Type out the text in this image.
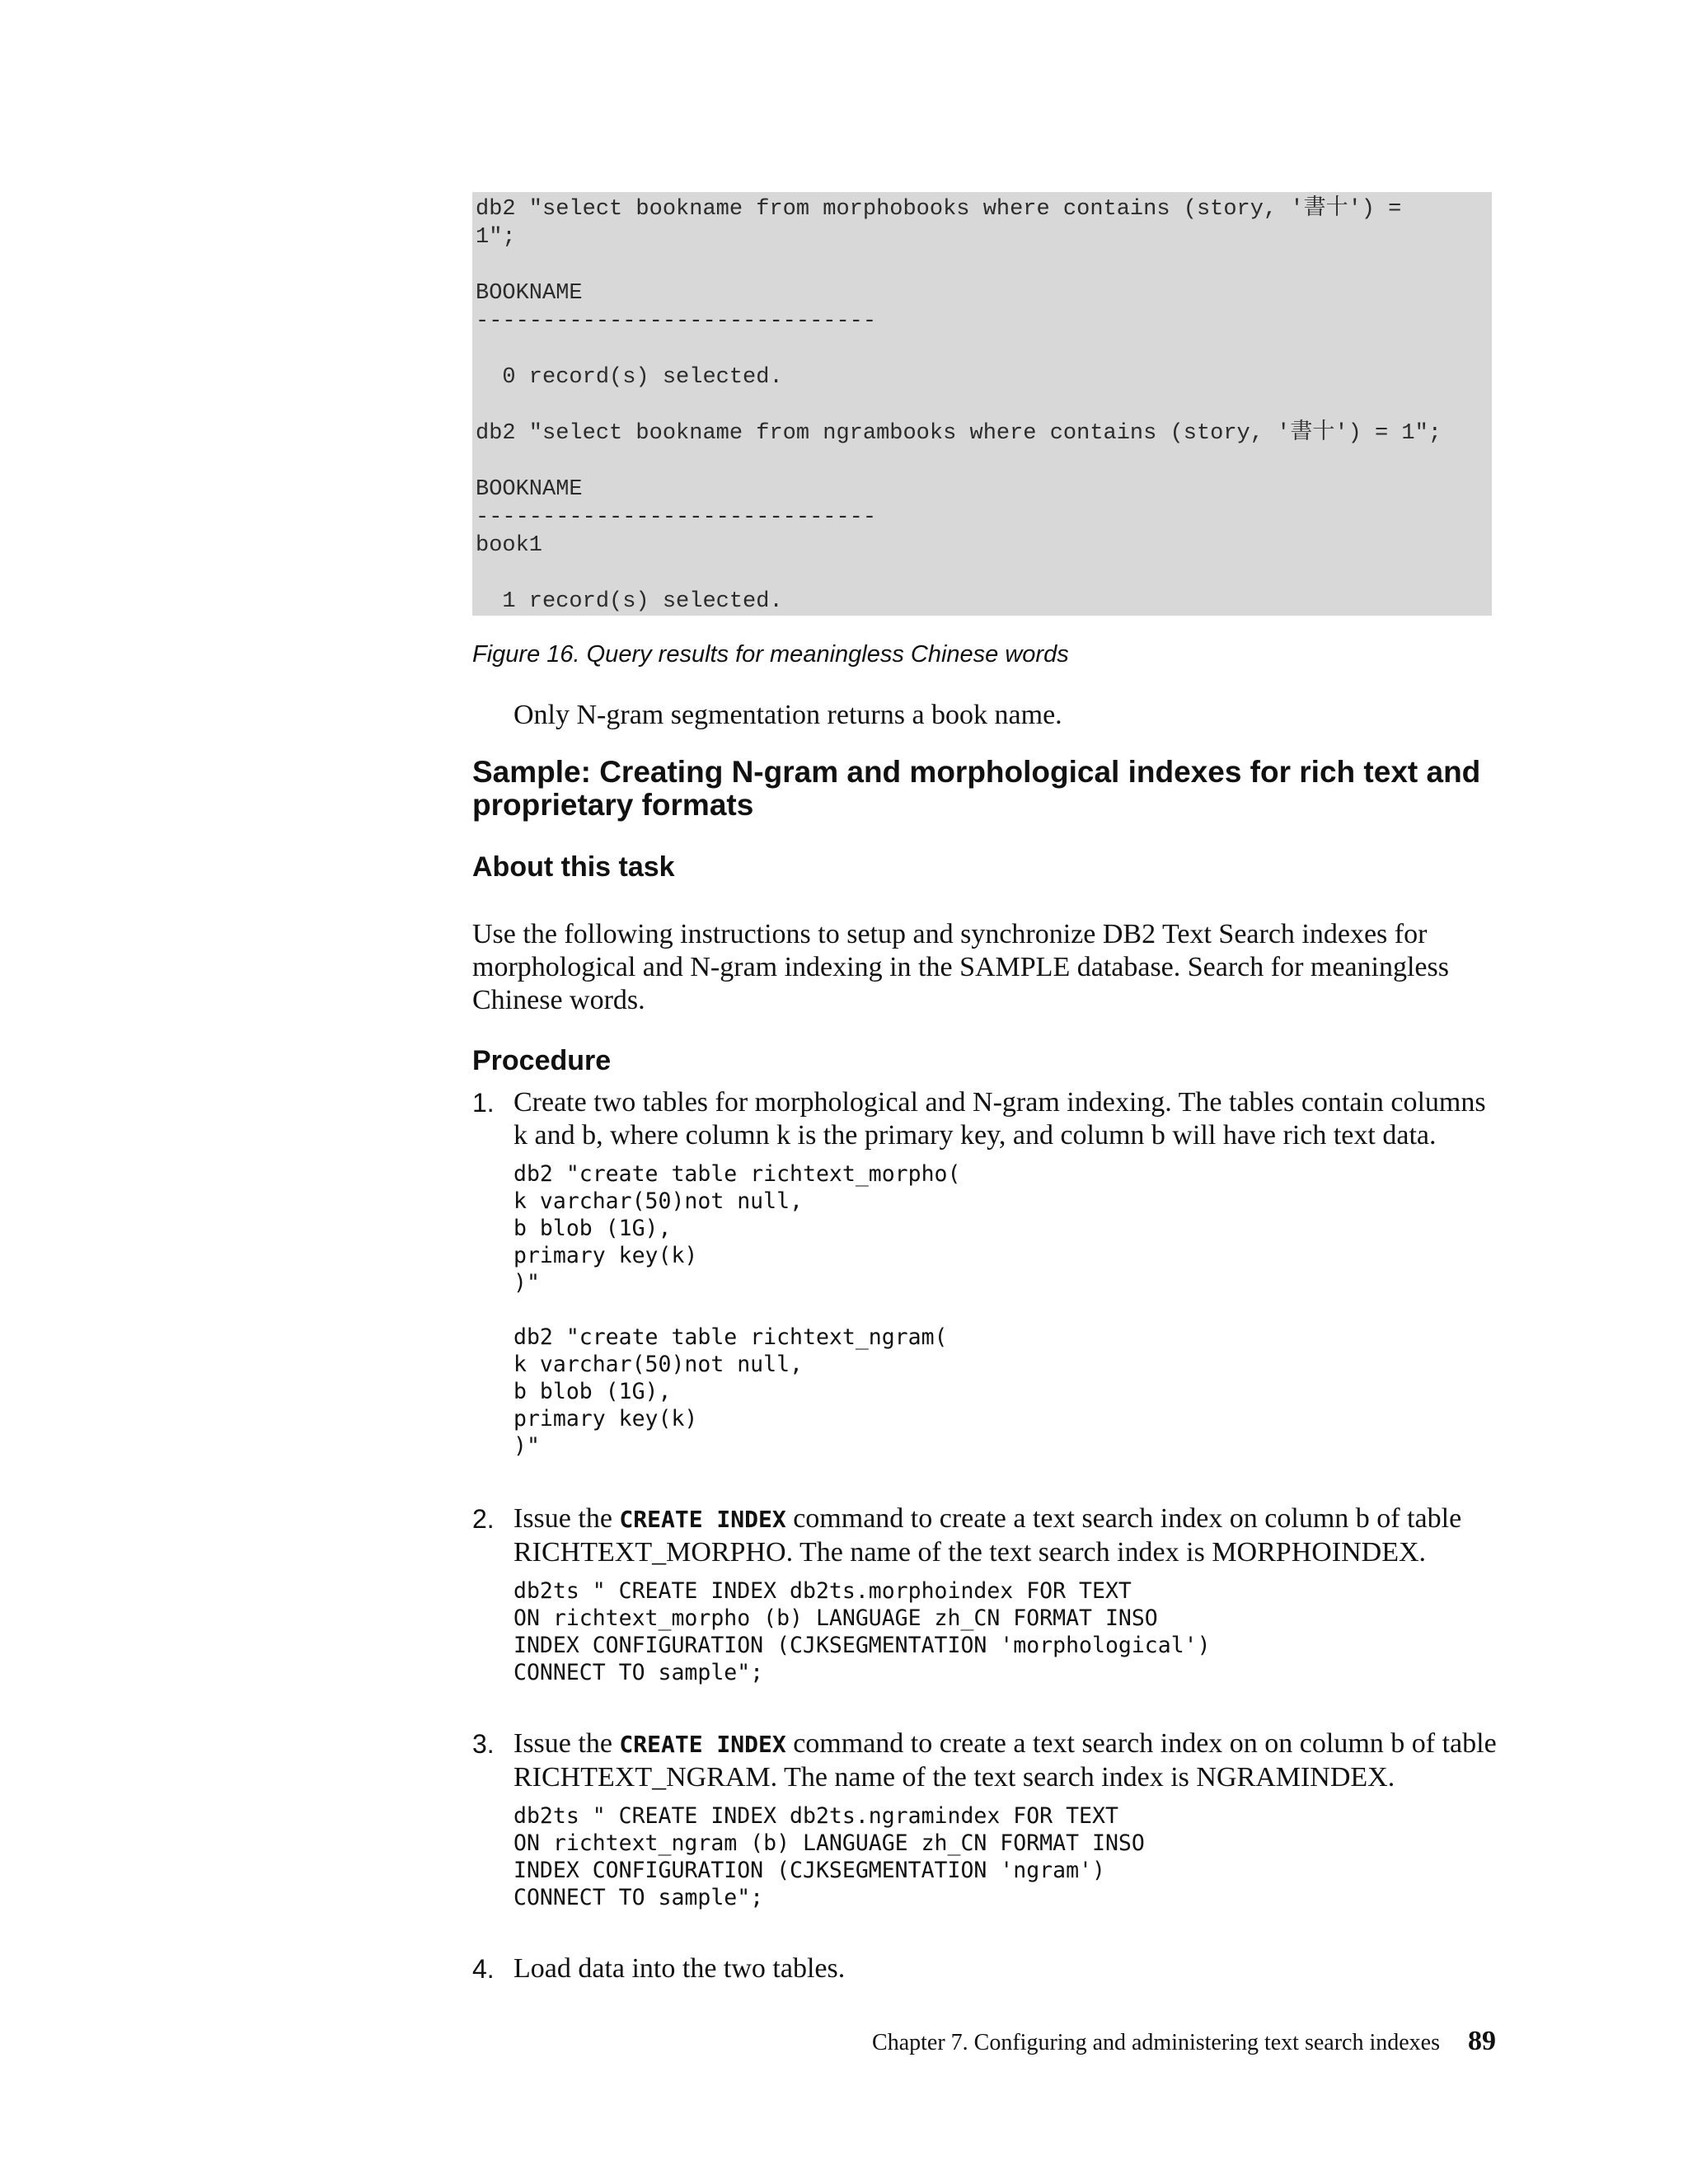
db2 "select bookname from morphobooks where contains (story, '書十') =
1";
BOOKNAME
------------------------------
0 record(s) selected.
db2 "select bookname from ngrambooks where contains (story, '書十') = 1";
BOOKNAME
------------------------------
book1
1 record(s) selected.
Figure 16. Query results for meaningless Chinese words
Only N-gram segmentation returns a book name.
Sample: Creating N-gram and morphological indexes for rich text and proprietary formats
About this task
Use the following instructions to setup and synchronize DB2 Text Search indexes for morphological and N-gram indexing in the SAMPLE database. Search for meaningless Chinese words.
Procedure
1. Create two tables for morphological and N-gram indexing. The tables contain columns k and b, where column k is the primary key, and column b will have rich text data.
db2 "create table richtext_morpho(
k varchar(50)not null,
b blob (1G),
primary key(k)
)"

db2 "create table richtext_ngram(
k varchar(50)not null,
b blob (1G),
primary key(k)
)"
2. Issue the CREATE INDEX command to create a text search index on column b of table RICHTEXT_MORPHO. The name of the text search index is MORPHOINDEX.
db2ts " CREATE INDEX db2ts.morphoindex FOR TEXT
ON richtext_morpho (b) LANGUAGE zh_CN FORMAT INSO
INDEX CONFIGURATION (CJKSEGMENTATION 'morphological')
CONNECT TO sample";
3. Issue the CREATE INDEX command to create a text search index on on column b of table RICHTEXT_NGRAM. The name of the text search index is NGRAMINDEX.
db2ts " CREATE INDEX db2ts.ngramindex FOR TEXT
ON richtext_ngram (b) LANGUAGE zh_CN FORMAT INSO
INDEX CONFIGURATION (CJKSEGMENTATION 'ngram')
CONNECT TO sample";
4. Load data into the two tables.
Chapter 7. Configuring and administering text search indexes 89
